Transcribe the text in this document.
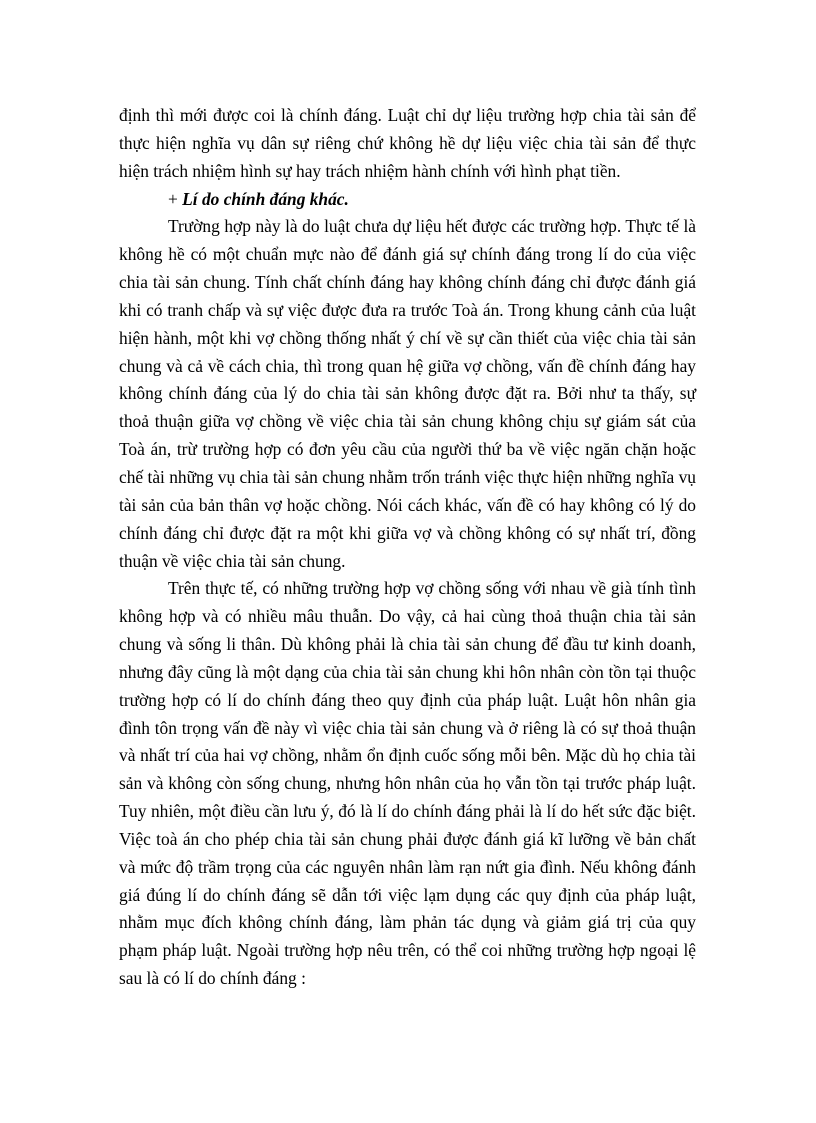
định thì mới được coi là chính đáng. Luật chỉ dự liệu trường hợp chia tài sản để thực hiện nghĩa vụ dân sự riêng chứ không hề dự liệu việc chia tài sản để thực hiện trách nhiệm hình sự hay trách nhiệm hành chính với hình phạt tiền.

+ Lí do chính đáng khác.

Trường hợp này là do luật chưa dự liệu hết được các trường hợp. Thực tế là không hề có một chuẩn mực nào để đánh giá sự chính đáng trong lí do của việc chia tài sản chung. Tính chất chính đáng hay không chính đáng chỉ được đánh giá khi có tranh chấp và sự việc được đưa ra trước Toà án. Trong khung cảnh của luật hiện hành, một khi vợ chồng thống nhất ý chí về sự cần thiết của việc chia tài sản chung và cả về cách chia, thì trong quan hệ giữa vợ chồng, vấn đề chính đáng hay không chính đáng của lý do chia tài sản không được đặt ra. Bởi như ta thấy, sự thoả thuận giữa vợ chồng về việc chia tài sản chung không chịu sự giám sát của Toà án, trừ trường hợp có đơn yêu cầu của người thứ ba về việc ngăn chặn hoặc chế tài những vụ chia tài sản chung nhằm trốn tránh việc thực hiện những nghĩa vụ tài sản của bản thân vợ hoặc chồng. Nói cách khác, vấn đề có hay không có lý do chính đáng chỉ được đặt ra một khi giữa vợ và chồng không có sự nhất trí, đồng thuận về việc chia tài sản chung.

Trên thực tế, có những trường hợp vợ chồng sống với nhau về già tính tình không hợp và có nhiều mâu thuẫn. Do vậy, cả hai cùng thoả thuận chia tài sản chung và sống li thân. Dù không phải là chia tài sản chung để đầu tư kinh doanh, nhưng đây cũng là một dạng của chia tài sản chung khi hôn nhân còn tồn tại thuộc trường hợp có lí do chính đáng theo quy định của pháp luật. Luật hôn nhân gia đình tôn trọng vấn đề này vì việc chia tài sản chung và ở riêng là có sự thoả thuận và nhất trí của hai vợ chồng, nhằm ổn định cuốc sống mỗi bên. Mặc dù họ chia tài sản và không còn sống chung, nhưng hôn nhân của họ vẫn tồn tại trước pháp luật. Tuy nhiên, một điều cần lưu ý, đó là lí do chính đáng phải là lí do hết sức đặc biệt. Việc toà án cho phép chia tài sản chung phải được đánh giá kĩ lưỡng về bản chất và mức độ trầm trọng của các nguyên nhân làm rạn nứt gia đình. Nếu không đánh giá đúng lí do chính đáng sẽ dẫn tới việc lạm dụng các quy định của pháp luật, nhằm mục đích không chính đáng, làm phản tác dụng và giảm giá trị của quy phạm pháp luật. Ngoài trường hợp nêu trên, có thể coi những trường hợp ngoại lệ sau là có lí do chính đáng :
